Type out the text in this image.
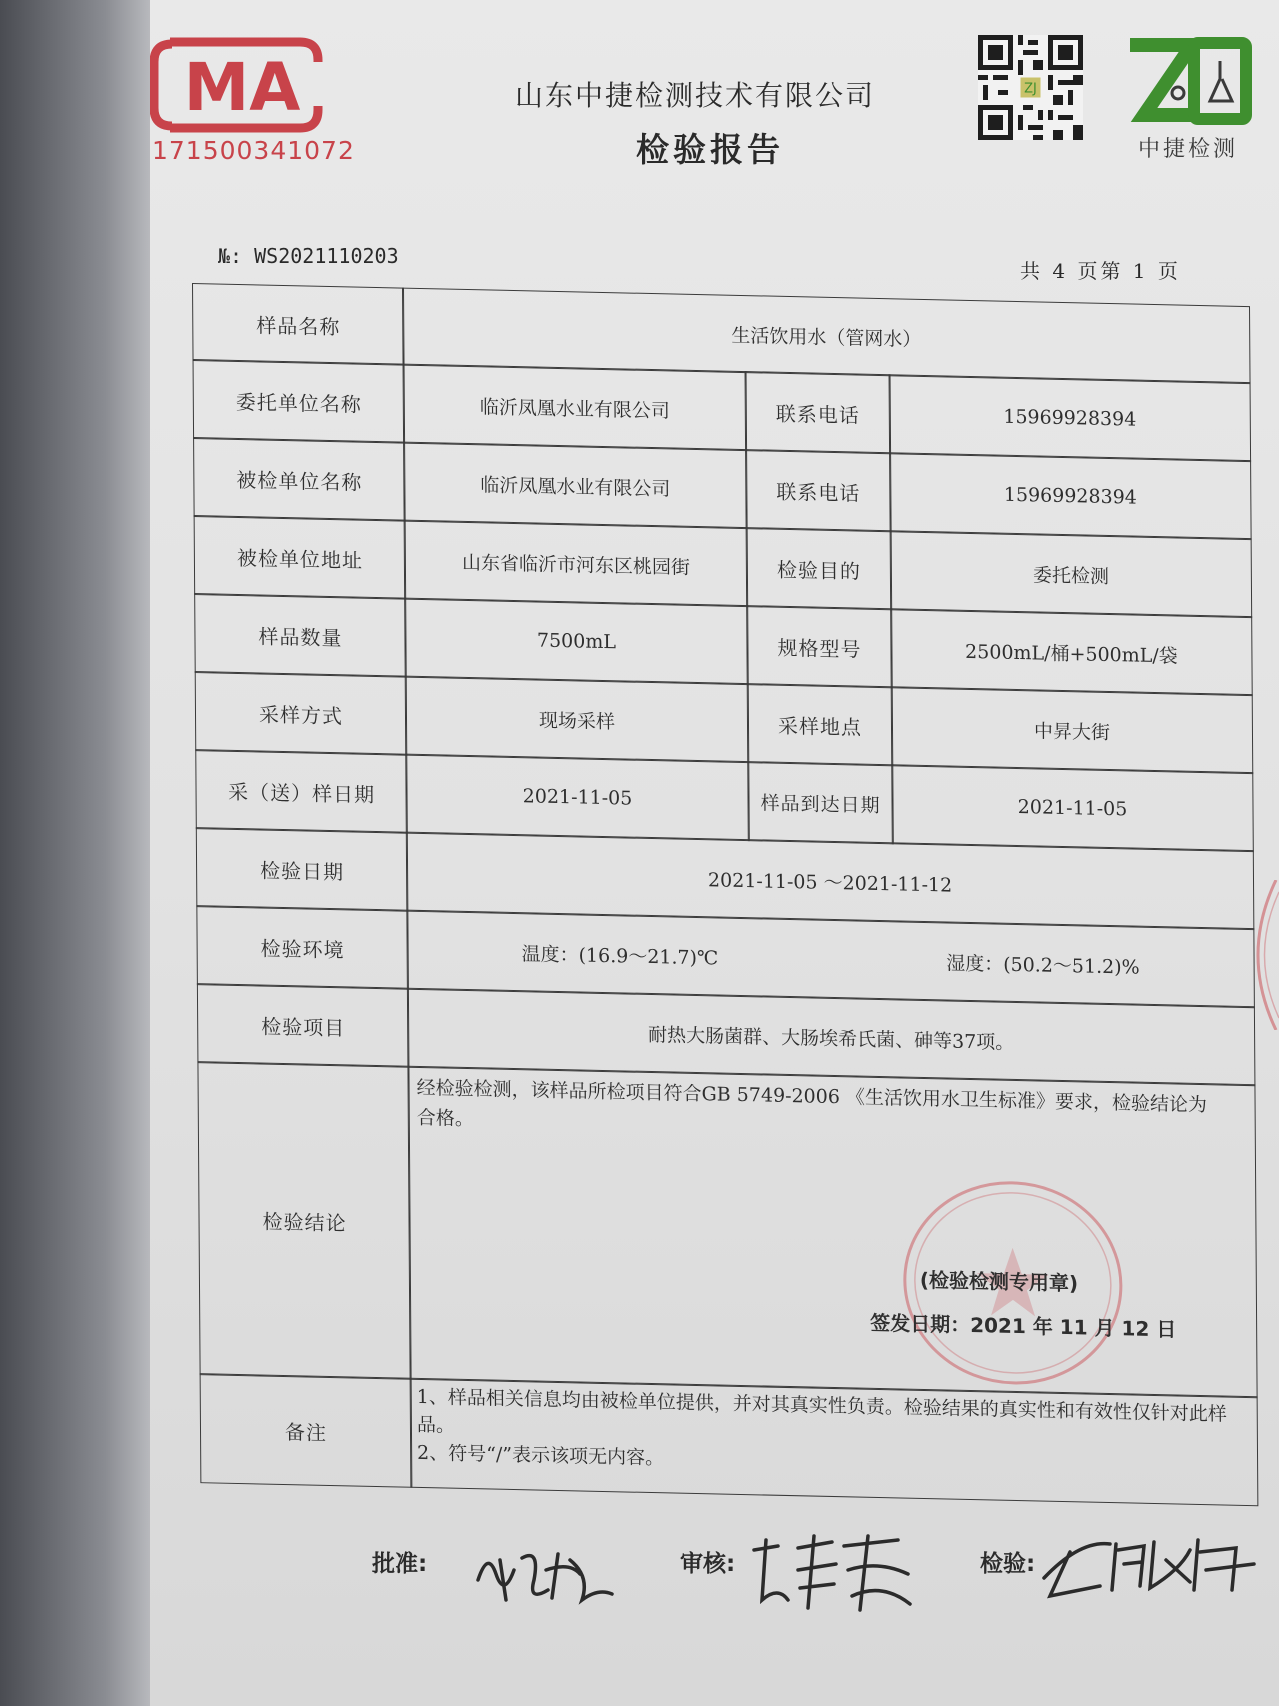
MA
171500341072
山东中捷检测技术有限公司
检验报告
ZJ
中捷检测
№: WS2021110203
共 4 页第 1 页
样品名称	生活饮用水（管网水）
委托单位名称	临沂凤凰水业有限公司	联系电话	15969928394
被检单位名称	临沂凤凰水业有限公司	联系电话	15969928394
被检单位地址	山东省临沂市河东区桃园街	检验目的	委托检测
样品数量	7500mL	规格型号	2500mL/桶+500mL/袋
采样方式	现场采样	采样地点	中昇大街
采（送）样日期	2021-11-05	样品到达日期	2021-11-05
检验日期	2021-11-05 ～2021-11-12
检验环境	温度：(16.9～21.7)℃	湿度：(50.2～51.2)%
检验项目	耐热大肠菌群、大肠埃希氏菌、砷等37项。
检验结论
经检验检测，该样品所检项目符合GB 5749-2006 《生活饮用水卫生标准》要求，检验结论为合格。
(检验检测专用章)
签发日期：2021 年 11 月 12 日
备注
1、样品相关信息均由被检单位提供，并对其真实性负责。检验结果的真实性和有效性仅针对此样品。
2、符号“/”表示该项无内容。
批准:	审核:	检验:
